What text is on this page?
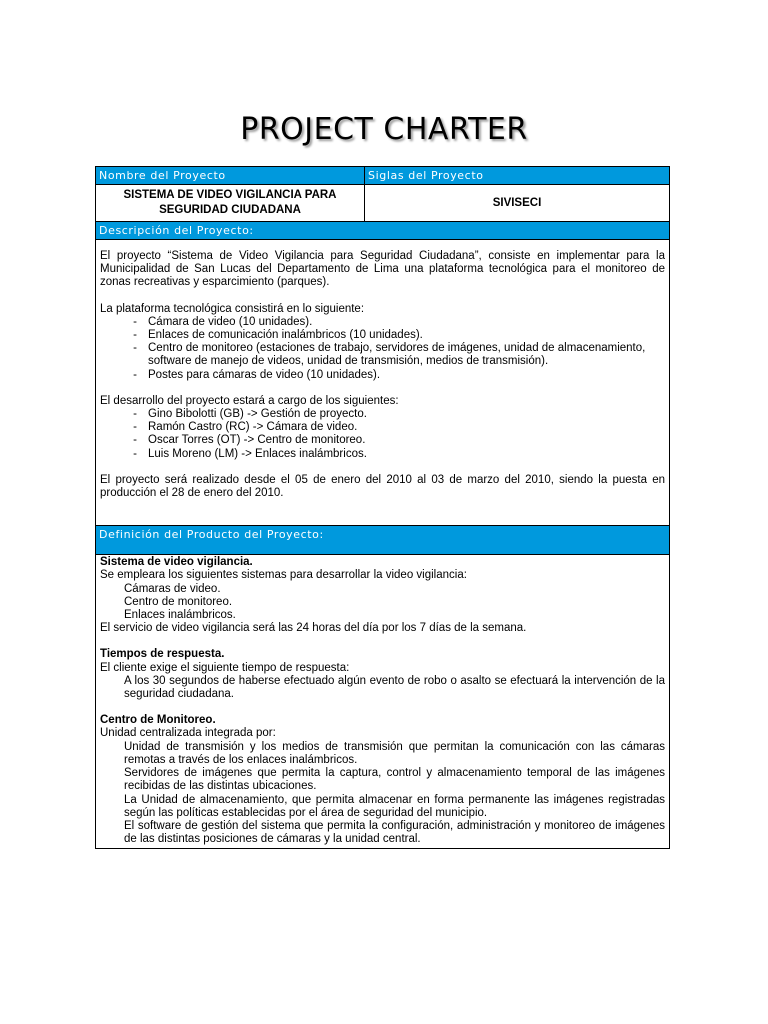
PROJECT CHARTER
Nombre del Proyecto	Siglas del Proyecto
SISTEMA DE VIDEO VIGILANCIA PARA SEGURIDAD CIUDADANA
SIVISECI
Descripción del Proyecto:

El proyecto “Sistema de Video Vigilancia para Seguridad Ciudadana”, consiste en implementar para la Municipalidad de San Lucas del Departamento de Lima una plataforma tecnológica para el monitoreo de zonas recreativas y esparcimiento (parques).

La plataforma tecnológica consistirá en lo siguiente:

- Cámara de video (10 unidades).
- Enlaces de comunicación inalámbricos (10 unidades).
- Centro de monitoreo (estaciones de trabajo, servidores de imágenes, unidad de almacenamiento, software de manejo de videos, unidad de transmisión, medios de transmisión).
- Postes para cámaras de video (10 unidades).

El desarrollo del proyecto estará a cargo de los siguientes:

- Gino Bibolotti (GB) -> Gestión de proyecto.
- Ramón Castro (RC) -> Cámara de video.
- Oscar Torres (OT) -> Centro de monitoreo.
- Luis Moreno (LM) -> Enlaces inalámbricos.

El proyecto será realizado desde el 05 de enero del 2010 al 03 de marzo del 2010, siendo la puesta en producción el 28 de enero del 2010.

Definición del Producto del Proyecto:

Sistema de video vigilancia.

Se empleara los siguientes sistemas para desarrollar la video vigilancia:

Cámaras de video.
Centro de monitoreo.
Enlaces inalámbricos.

El servicio de video vigilancia será las 24 horas del día por los 7 días de la semana.

Tiempos de respuesta.

El cliente exige el siguiente tiempo de respuesta:

A los 30 segundos de haberse efectuado algún evento de robo o asalto se efectuará la intervención de la seguridad ciudadana.

Centro de Monitoreo.

Unidad centralizada integrada por:

Unidad de transmisión y los medios de transmisión que permitan la comunicación con las cámaras remotas a través de los enlaces inalámbricos.
Servidores de imágenes que permita la captura, control y almacenamiento temporal de las imágenes recibidas de las distintas ubicaciones.
La Unidad de almacenamiento, que permita almacenar en forma permanente las imágenes registradas según las políticas establecidas por el área de seguridad del municipio.
El software de gestión del sistema que permita la configuración, administración y monitoreo de imágenes de las distintas posiciones de cámaras y la unidad central.
